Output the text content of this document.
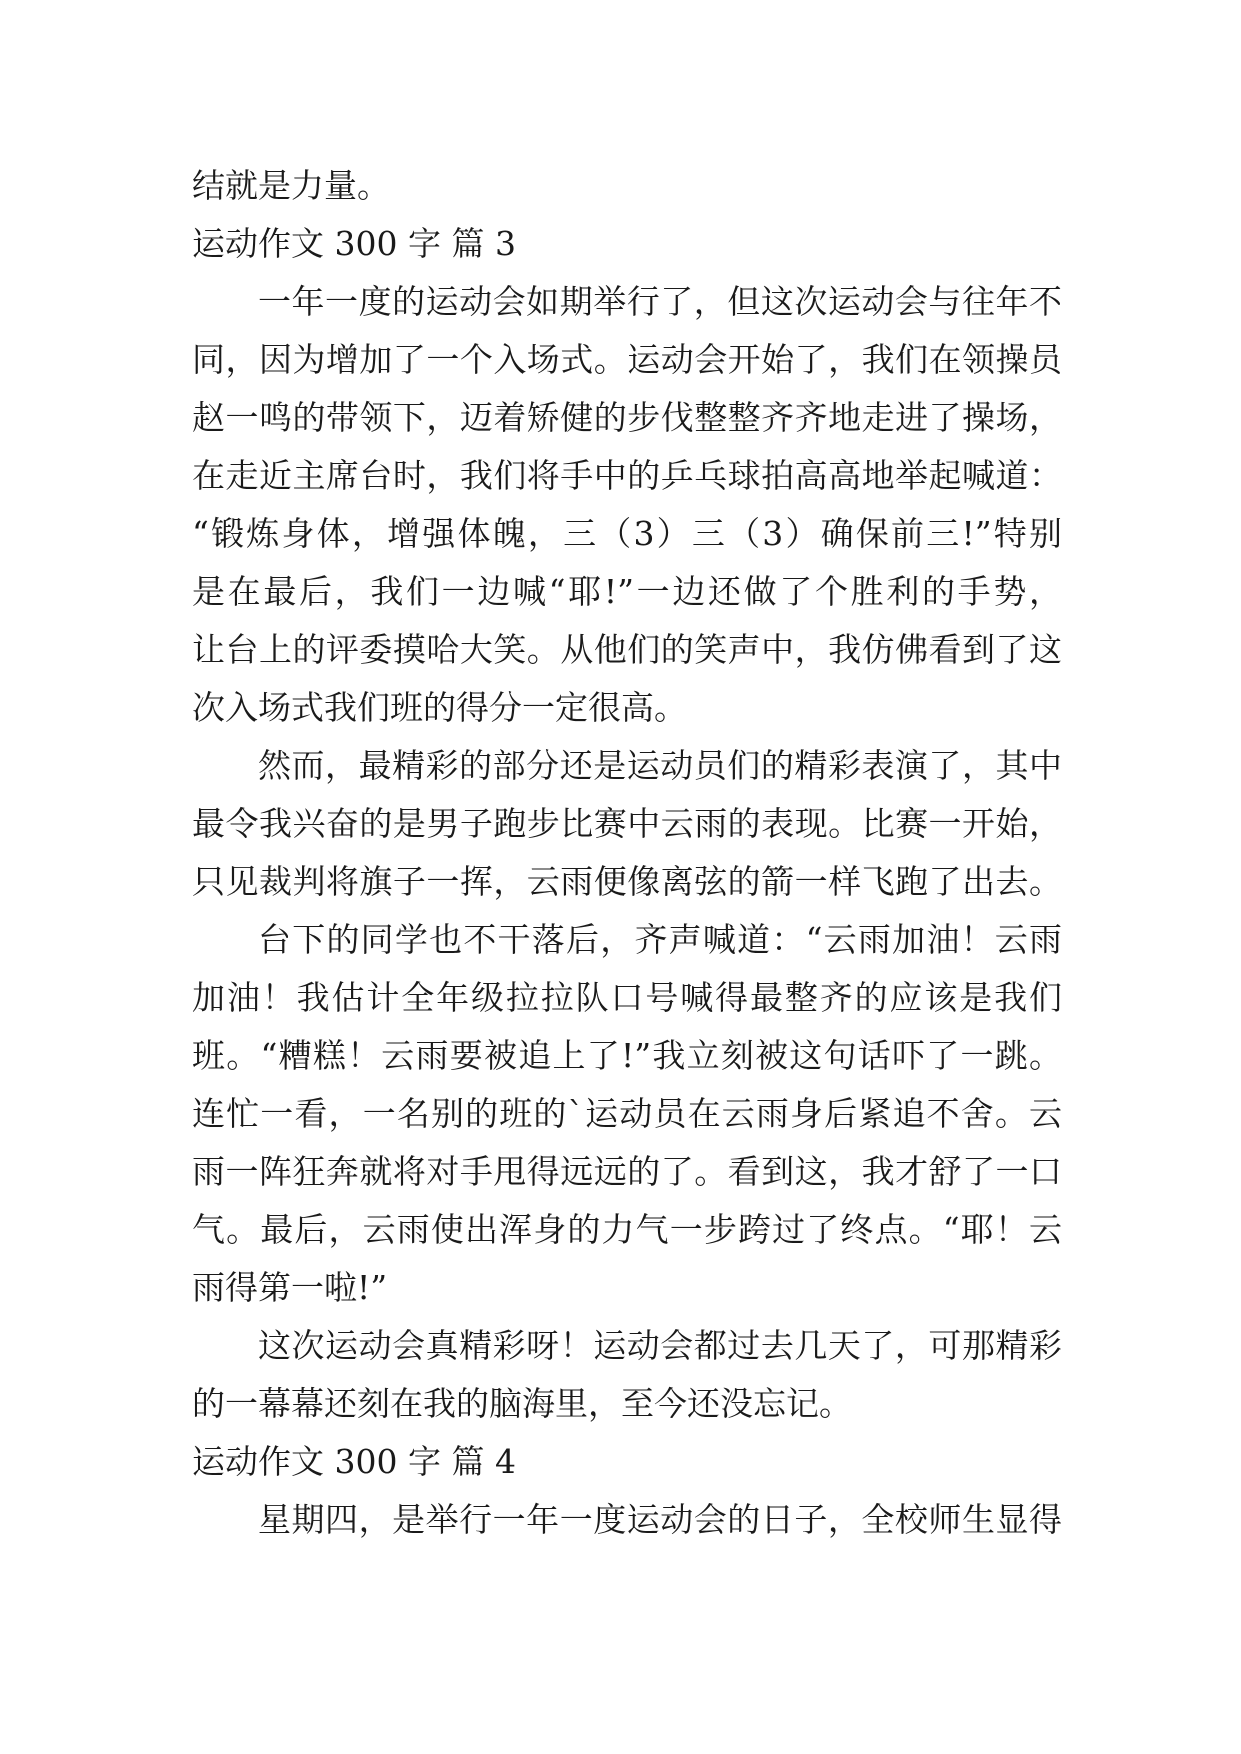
结就是力量。
运动作文 300 字 篇 3
一年一度的运动会如期举行了，但这次运动会与往年不
同，因为增加了一个入场式。运动会开始了，我们在领操员
赵一鸣的带领下，迈着矫健的步伐整整齐齐地走进了操场，
在走近主席台时，我们将手中的乒乓球拍高高地举起喊道：
“锻炼身体，增强体魄，三（3）三（3）确保前三!”特别
是在最后，我们一边喊“耶!”一边还做了个胜利的手势，
让台上的评委摸哈大笑。从他们的笑声中，我仿佛看到了这
次入场式我们班的得分一定很高。
然而，最精彩的部分还是运动员们的精彩表演了，其中
最令我兴奋的是男子跑步比赛中云雨的表现。比赛一开始，
只见裁判将旗子一挥，云雨便像离弦的箭一样飞跑了出去。
台下的同学也不干落后，齐声喊道：“云雨加油！云雨
加油！我估计全年级拉拉队口号喊得最整齐的应该是我们
班。“糟糕！云雨要被追上了!”我立刻被这句话吓了一跳。
连忙一看，一名别的班的`运动员在云雨身后紧追不舍。云
雨一阵狂奔就将对手甩得远远的了。看到这，我才舒了一口
气。最后，云雨使出浑身的力气一步跨过了终点。“耶！云
雨得第一啦!”
这次运动会真精彩呀！运动会都过去几天了，可那精彩
的一幕幕还刻在我的脑海里，至今还没忘记。
运动作文 300 字 篇 4
星期四，是举行一年一度运动会的日子，全校师生显得
